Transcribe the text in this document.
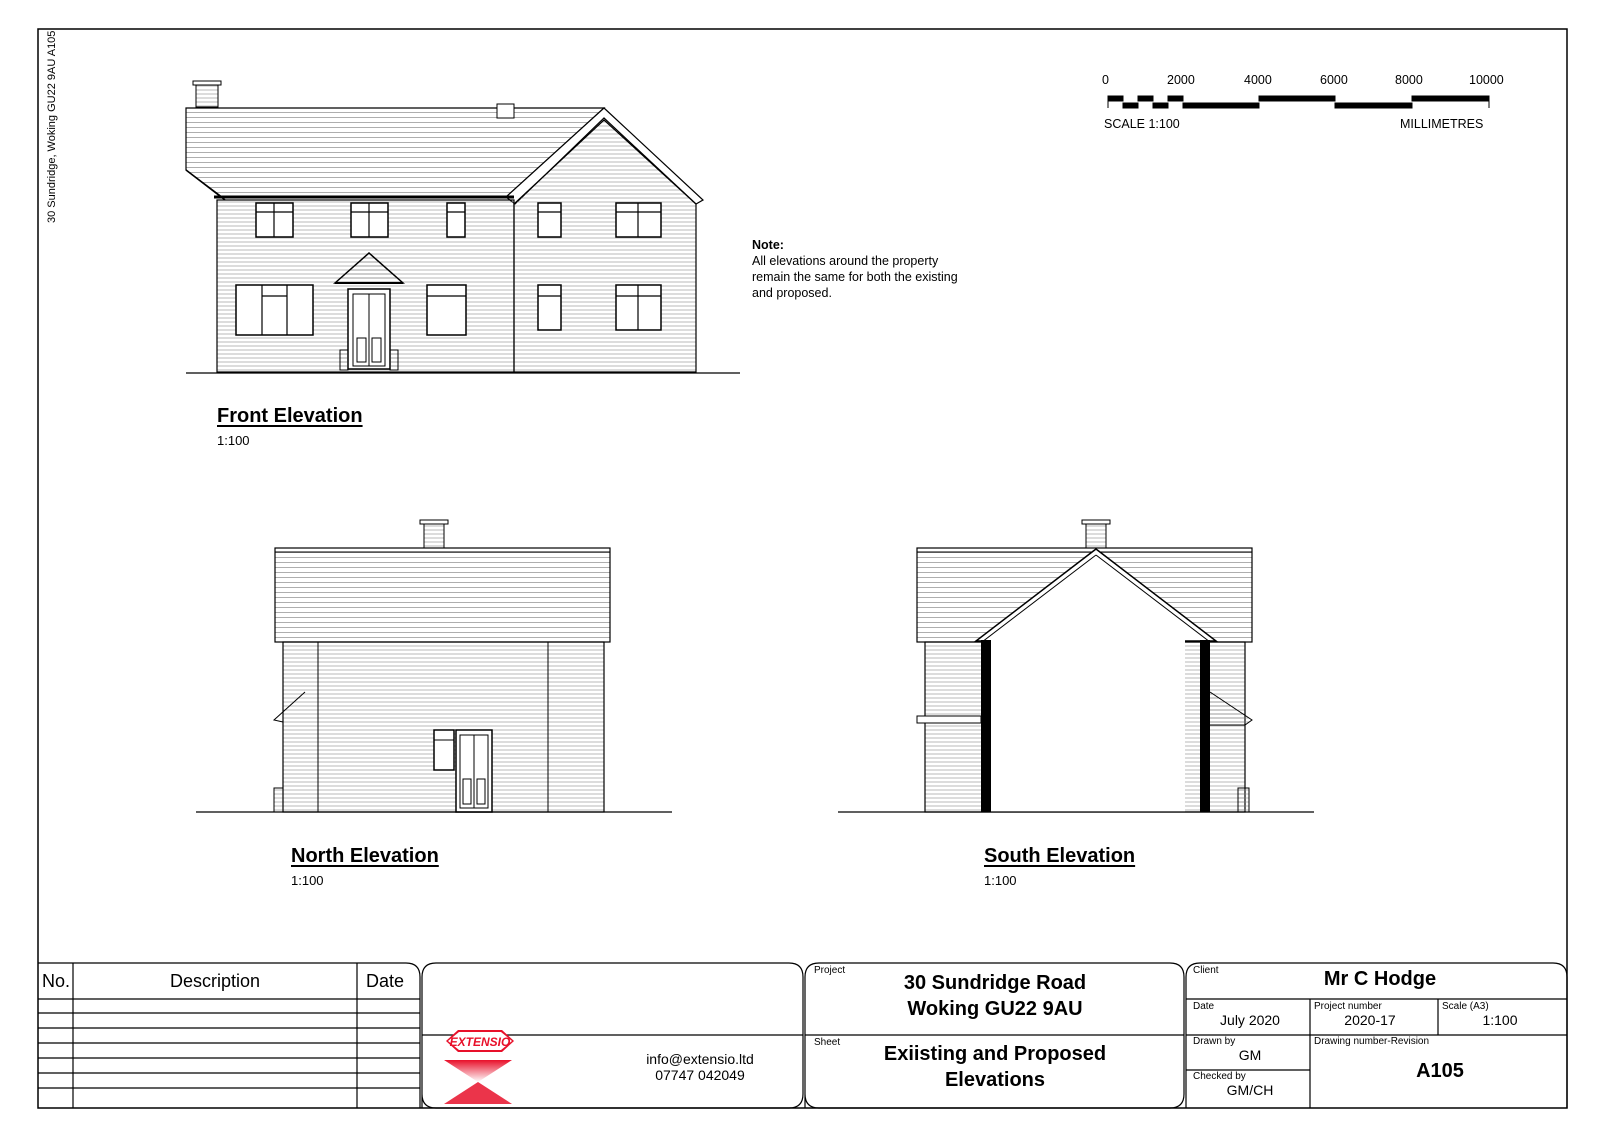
EXTENSIO
30 Sundridge, Woking GU22 9AU A105	0	2000	4000	6000	8000	10000
SCALE 1:100	MILLIMETRES
Note:
All elevations around the property remain the same for both the existing and proposed.
Front Elevation
1:100
North Elevation
1:100
South Elevation
1:100
No.	Description	Date
info@extensio.ltd
07747 042049
Project
30 Sundridge Road
Woking GU22 9AU
Sheet
Exiisting and Proposed
Elevations
Client	Mr C Hodge
Date
July 2020
Project number
2020-17
Scale (A3)
1:100
Drawn by
GM
Drawing number-Revision
A105
Checked by
GM/CH
